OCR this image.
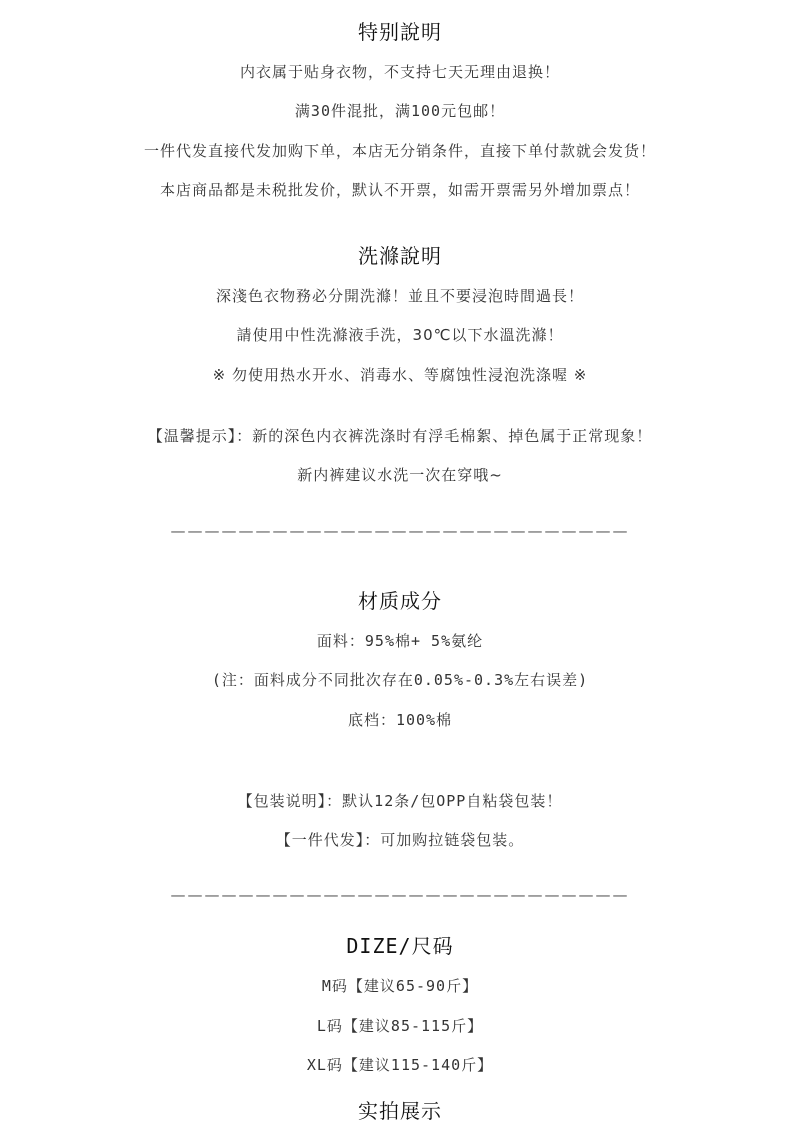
特别說明
内衣属于贴身衣物，不支持七天无理由退换！
满30件混批，满100元包邮！
一件代发直接代发加购下单，本店无分销条件，直接下单付款就会发货！
本店商品都是未税批发价，默认不开票，如需开票需另外增加票点！
洗滌說明
深淺色衣物務必分開洗滌！並且不要浸泡時間過長！
請使用中性洗滌液手洗，30℃以下水溫洗滌！
※ 勿使用热水开水、消毒水、等腐蚀性浸泡洗涤喔 ※
【温馨提示】：新的深色内衣裤洗涤时有浮毛棉絮、掉色属于正常现象！
新内裤建议水洗一次在穿哦~
———————————————————————————
材质成分
面料：95%棉+ 5%氨纶
(注：面料成分不同批次存在0.05%-0.3%左右误差)
底档：100%棉
【包装说明】：默认12条/包OPP自粘袋包装！
【一件代发】：可加购拉链袋包装。
———————————————————————————
DIZE/尺码
M码【建议65-90斤】
L码【建议85-115斤】
XL码【建议115-140斤】
实拍展示
